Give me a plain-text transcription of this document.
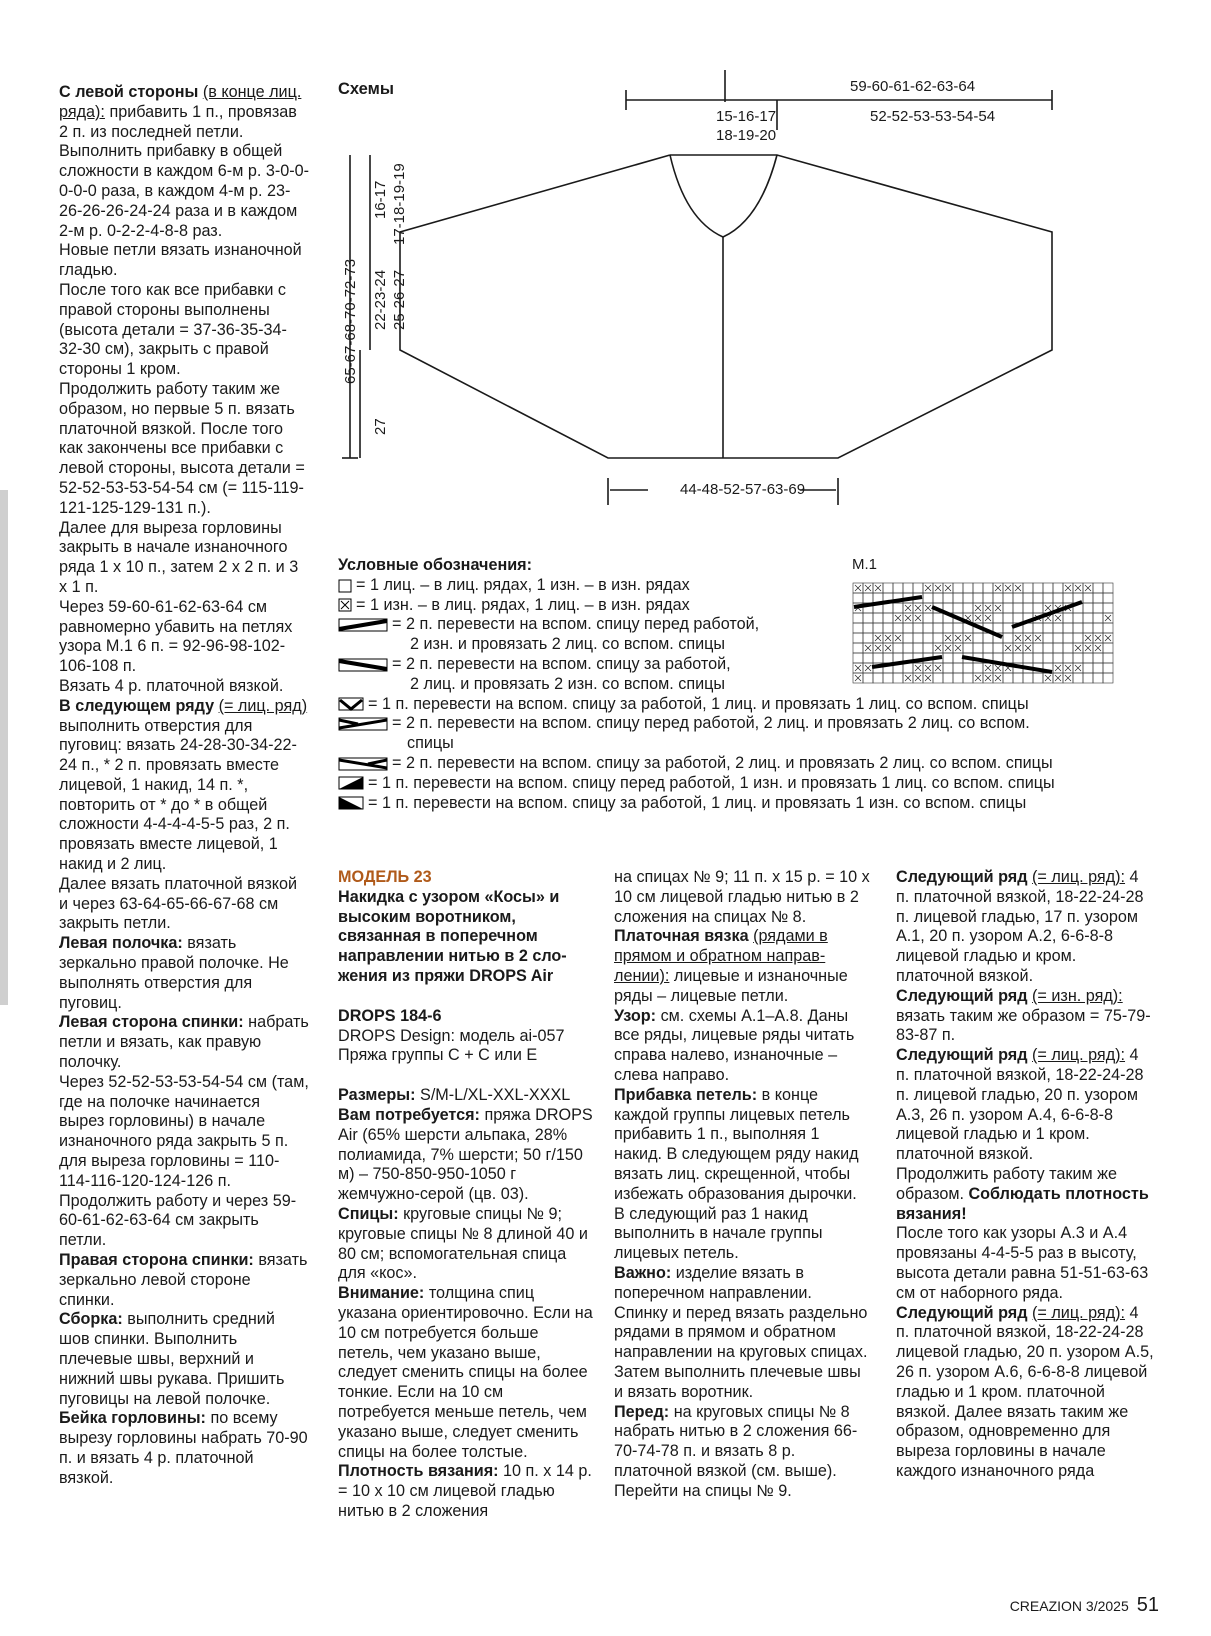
С левой стороны (в конце лиц. ряда): прибавить 1 п., провязав 2 п. из последней петли. Выполнить прибавку в общей сложности в каждом 6-м р. 3-0-0-0-0-0 раза, в каждом 4-м р. 23-26-26-26-24-24 раза и в каждом 2-м р. 0-2-2-4-8-8 раз.

Новые петли вязать изнаночной гладью.

После того как все прибавки с правой стороны выполнены (высота детали = 37-36-35-34-32-30 см), закрыть с правой стороны 1 кром.

Продолжить работу таким же образом, но первые 5 п. вязать платочной вязкой. После того как закончены все прибавки с левой стороны, высота детали = 52-52-53-53-54-54 см (= 115-119-121-125-129-131 п.).

Далее для выреза горловины закрыть в начале изнаночного ряда 1 х 10 п., затем 2 х 2 п. и 3 х 1 п.

Через 59-60-61-62-63-64 см равномерно убавить на петлях узора М.1 6 п. = 92-96-98-102-106-108 п.

Вязать 4 р. платочной вязкой.

В следующем ряду (= лиц. ряд) выполнить отверстия для пуговиц: вязать 24-28-30-34-22-24 п., * 2 п. провязать вместе лицевой, 1 накид, 14 п. *, повторить от * до * в общей сложности 4-4-4-4-5-5 раз, 2 п. провязать вместе лицевой, 1 накид и 2 лиц.

Далее вязать платочной вязкой и через 63-64-65-66-67-68 см закрыть петли.

Левая полочка: вязать зеркально правой полочке. Не выполнять отверстия для пуговиц.

Левая сторона спинки: набрать петли и вязать, как правую полочку.

Через 52-52-53-53-54-54 см (там, где на полочке начинается вырез горловины) в начале изнаночного ряда закрыть 5 п. для выреза горловины = 110-114-116-120-124-126 п.

Продолжить работу и через 59-60-61-62-63-64 см закрыть петли.

Правая сторона спинки: вязать зеркально левой стороне спинки.

Сборка: выполнить средний шов спинки. Выполнить плечевые швы, верхний и нижний швы рукава. Пришить пуговицы на левой полочке.

Бейка горловины: по всему вырезу горловины набрать 70-90 п. и вязать 4 р. платочной вязкой.

Схемы	59-60-61-62-63-64
15-16-17
18-19-20
52-52-53-53-54-54
44-48-52-57-63-69
65-67-68-70-72-73
16-17 17-18-19-19
22-23-24 25-26-27
27
М.1
Условные обозначения:
= 1 лиц. – в лиц. рядах, 1 изн. – в изн. рядах
= 1 изн. – в лиц. рядах, 1 лиц. – в изн. рядах
= 2 п. перевести на вспом. спицу перед работой,
2 изн. и провязать 2 лиц. со вспом. спицы
= 2 п. перевести на вспом. спицу за работой,
2 лиц. и провязать 2 изн. со вспом. спицы
= 1 п. перевести на вспом. спицу за работой, 1 лиц. и провязать 1 лиц. со вспом. спицы
= 2 п. перевести на вспом. спицу перед работой, 2 лиц. и провязать 2 лиц. со вспом.
спицы
= 2 п. перевести на вспом. спицу за работой, 2 лиц. и провязать 2 лиц. со вспом. спицы
= 1 п. перевести на вспом. спицу перед работой, 1 изн. и провязать 1 лиц. со вспом. спицы
= 1 п. перевести на вспом. спицу за работой, 1 лиц. и провязать 1 изн. со вспом. спицы

МОДЕЛЬ 23

Накидка с узором «Косы» и высоким воротником, связанная в поперечном направлении нитью в 2 сложения из пряжи DROPS Air

DROPS 184-6

DROPS Design: модель ai-057

Пряжа группы С + С или Е

Размеры: S/M-L/XL-XXL-XXXL

Вам потребуется: пряжа DROPS Air (65% шерсти альпака, 28% полиамида, 7% шерсти; 50 г/150 м) – 750-850-950-1050 г жемчужно-серой (цв. 03).

Спицы: круговые спицы № 9; круговые спицы № 8 длиной 40 и 80 см; вспомогательная спица для «кос».

Внимание: толщина спиц указана ориентировочно. Если на 10 см потребуется больше петель, чем указано выше, следует сменить спицы на более тонкие. Если на 10 см потребуется меньше петель, чем указано выше, следует сменить спицы на более толстые.

Плотность вязания: 10 п. х 14 р. = 10 х 10 см лицевой гладью нитью в 2 сложения

на спицах № 9; 11 п. х 15 р. = 10 х 10 см лицевой гладью нитью в 2 сложения на спицах № 8.

Платочная вязка (рядами в прямом и обратном направлении): лицевые и изнаночные ряды – лицевые петли.

Узор: см. схемы А.1–А.8. Даны все ряды, лицевые ряды читать справа налево, изнаночные – слева направо.

Прибавка петель: в конце каждой группы лицевых петель прибавить 1 п., выполняя 1 накид. В следующем ряду накид вязать лиц. скрещенной, чтобы избежать образования дырочки. В следующий раз 1 накид выполнить в начале группы лицевых петель.

Важно: изделие вязать в поперечном направлении. Спинку и перед вязать раздельно рядами в прямом и обратном направлении на круговых спицах. Затем выполнить плечевые швы и вязать воротник.

Перед: на круговых спицы № 8 набрать нитью в 2 сложения 66-70-74-78 п. и вязать 8 р. платочной вязкой (см. выше).

Перейти на спицы № 9.

Следующий ряд (= лиц. ряд): 4 п. платочной вязкой, 18-22-24-28 п. лицевой гладью, 17 п. узором А.1, 20 п. узором А.2, 6-6-8-8 лицевой гладью и кром. платочной вязкой.

Следующий ряд (= изн. ряд): вязать таким же образом = 75-79-83-87 п.

Следующий ряд (= лиц. ряд): 4 п. платочной вязкой, 18-22-24-28 п. лицевой гладью, 20 п. узором А.3, 26 п. узором А.4, 6-6-8-8 лицевой гладью и 1 кром. платочной вязкой.

Продолжить работу таким же образом. Соблюдать плотность вязания!

После того как узоры А.3 и А.4 провязаны 4-4-5-5 раз в высоту, высота детали равна 51-51-63-63 см от наборного ряда.

Следующий ряд (= лиц. ряд): 4 п. платочной вязкой, 18-22-24-28 лицевой гладью, 20 п. узором А.5, 26 п. узором А.6, 6-6-8-8 лицевой гладью и 1 кром. платочной вязкой. Далее вязать таким же образом, одновременно для выреза горловины в начале каждого изнаночного ряда

CREAZION 3/2025 51
